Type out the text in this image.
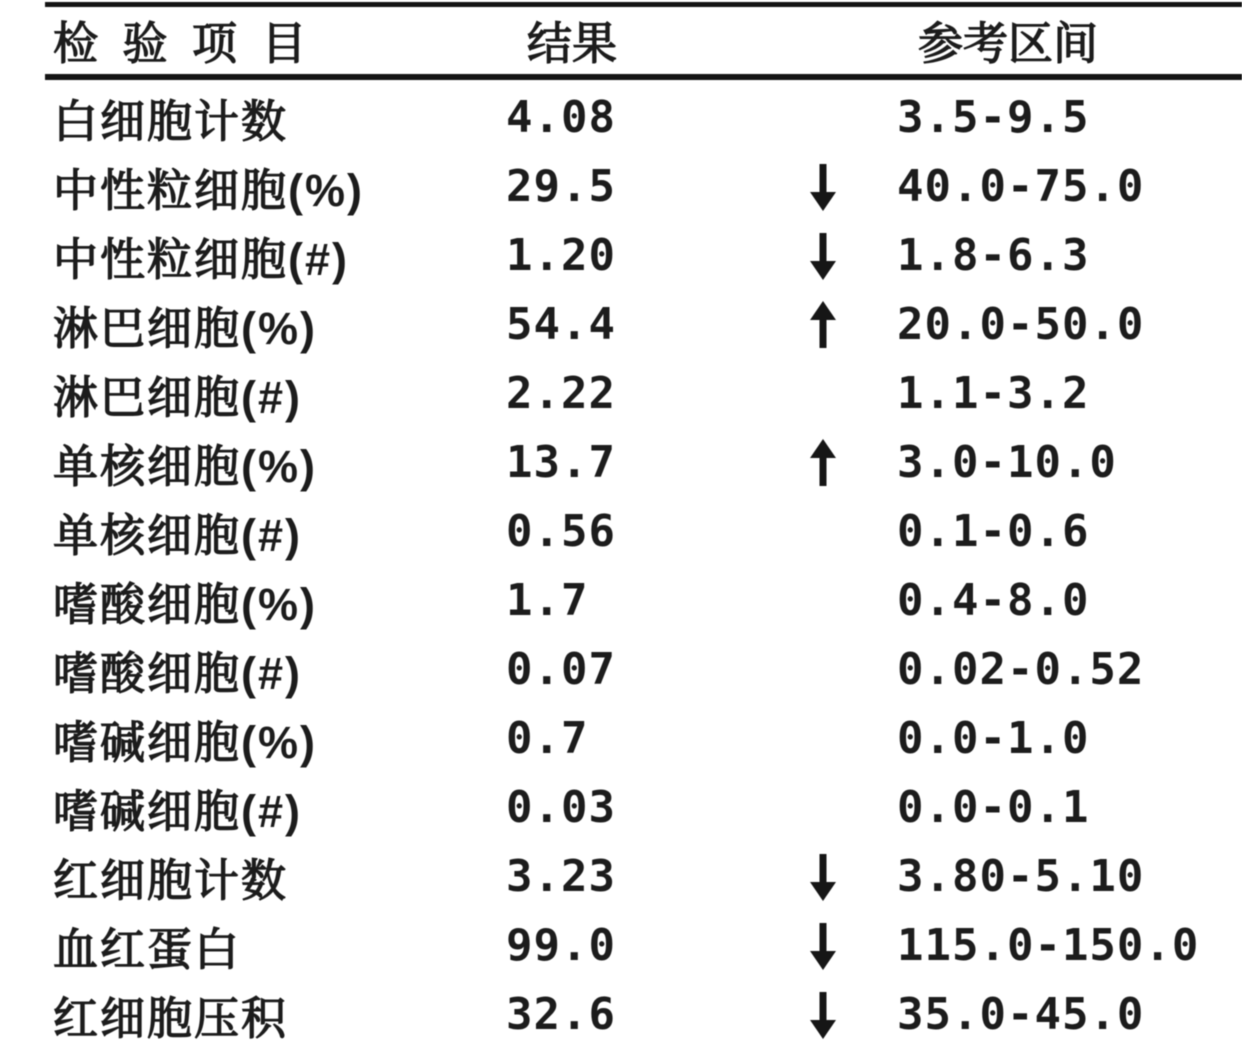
检 验 项 目	结果	参考区间
白细胞计数	4.08	3.5-9.5
中性粒细胞(%)	29.5	40.0-75.0
中性粒细胞(#)	1.20	1.8-6.3
淋巴细胞(%)	54.4	20.0-50.0
淋巴细胞(#)	2.22	1.1-3.2
单核细胞(%)	13.7	3.0-10.0
单核细胞(#)	0.56	0.1-0.6
嗜酸细胞(%)	1.7	0.4-8.0
嗜酸细胞(#)	0.07	0.02-0.52
嗜碱细胞(%)	0.7	0.0-1.0
嗜碱细胞(#)	0.03	0.0-0.1
红细胞计数	3.23	3.80-5.10
血红蛋白	99.0	115.0-150.0
红细胞压积	32.6	35.0-45.0
